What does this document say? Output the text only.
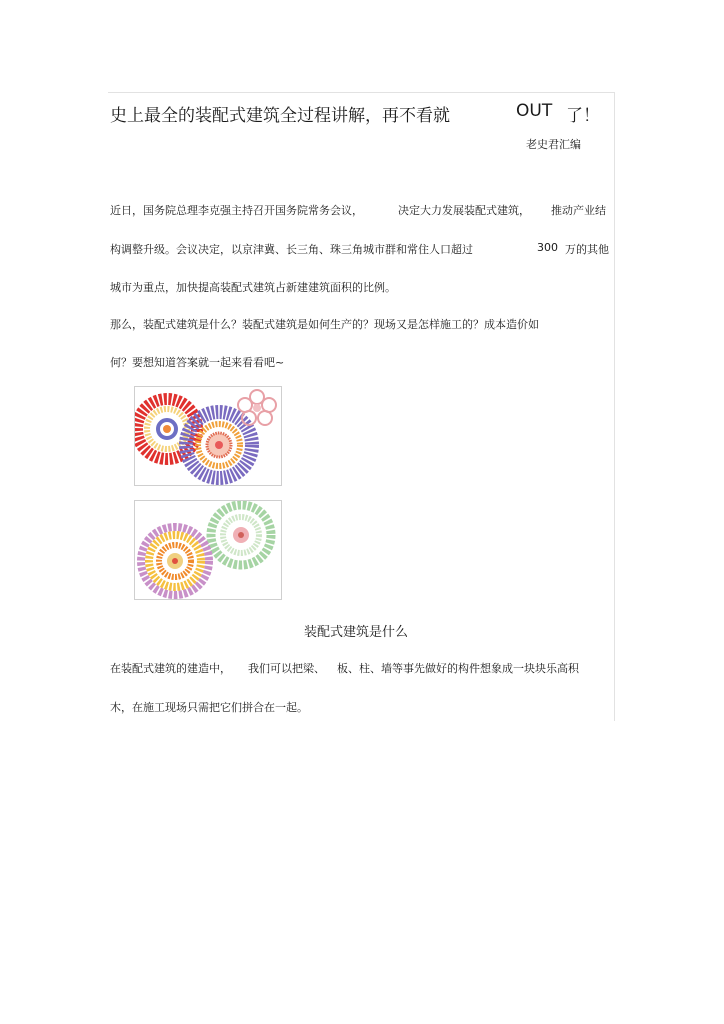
史上最全的装配式建筑全过程讲解，再不看就	OUT 了！
老史君汇编
近日，国务院总理李克强主持召开国务院常务会议，	决定大力发展装配式建筑， 推动产业结
构调整升级。会议决定，以京津冀、长三角、珠三角城市群和常住人口超过	300 万的其他
城市为重点，加快提高装配式建筑占新建建筑面积的比例。
那么，装配式建筑是什么？装配式建筑是如何生产的？现场又是怎样施工的？成本造价如
何？要想知道答案就一起来看看吧~
装配式建筑是什么
在装配式建筑的建造中， 我们可以把梁、 板、柱、墙等事先做好的构件想象成一块块乐高积
木，在施工现场只需把它们拼合在一起。
